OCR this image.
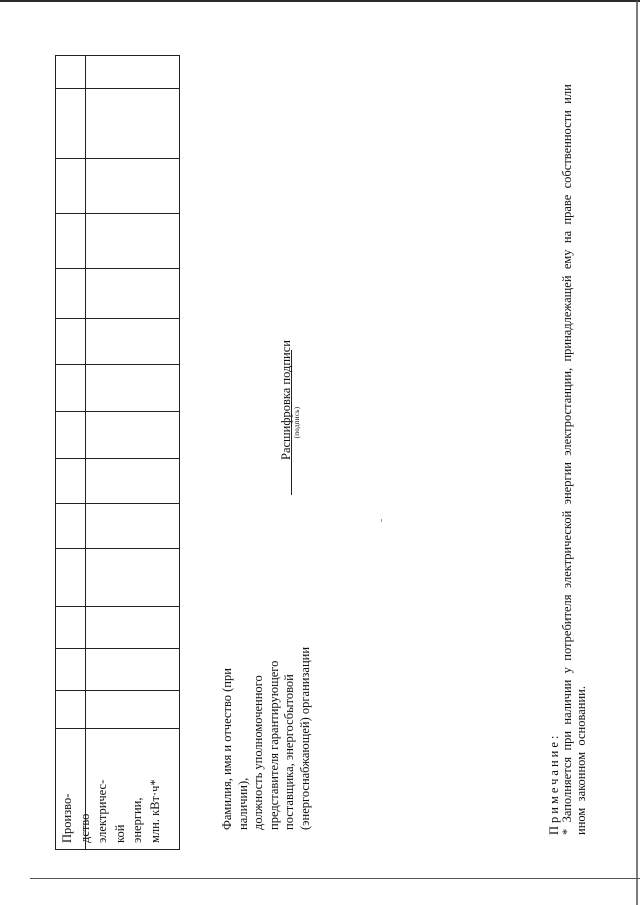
Произво- дство электричес- кой энергии, млн. кВт·ч*	Фамилия, имя и отчество (при наличии), должность уполномоченного представителя гарантирующего поставщика, энергосбытовой (энергоснабжающей) организации
(подпись)
Расшифровка подписи
Примечание: * Заполняется при наличии у потребителя электрической энергии электростанции, принадлежащей ему на праве собственности или ином законном основании.
